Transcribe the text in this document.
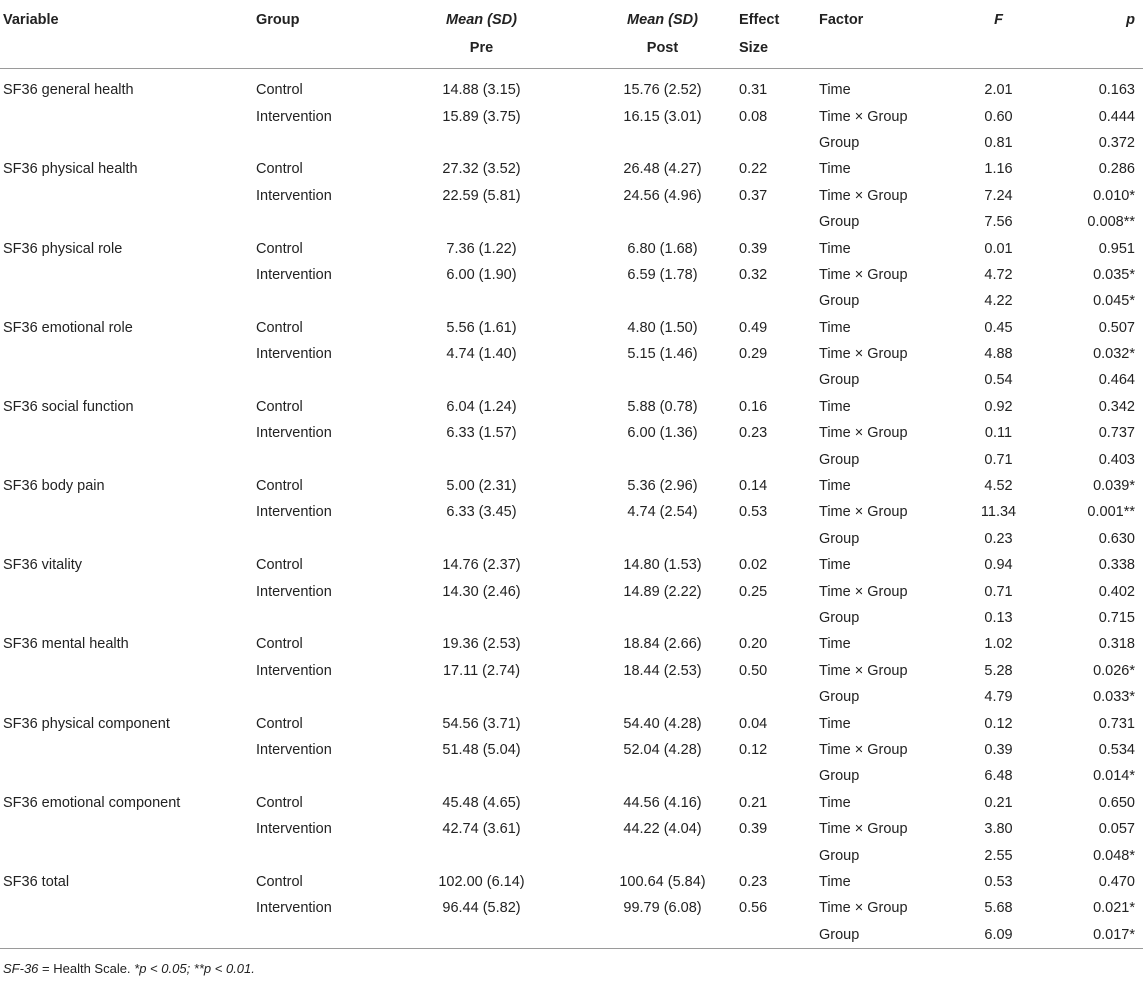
Variable	Group	Mean (SD)	Mean (SD)	Effect	Factor	F	p
		Pre	Post	Size			
SF36 general health	Control	14.88 (3.15)	15.76 (2.52)	0.31	Time	2.01	0.163
	Intervention	15.89 (3.75)	16.15 (3.01)	0.08	Time × Group	0.60	0.444
					Group	0.81	0.372
SF36 physical health	Control	27.32 (3.52)	26.48 (4.27)	0.22	Time	1.16	0.286
	Intervention	22.59 (5.81)	24.56 (4.96)	0.37	Time × Group	7.24	0.010*
					Group	7.56	0.008**
SF36 physical role	Control	7.36 (1.22)	6.80 (1.68)	0.39	Time	0.01	0.951
	Intervention	6.00 (1.90)	6.59 (1.78)	0.32	Time × Group	4.72	0.035*
					Group	4.22	0.045*
SF36 emotional role	Control	5.56 (1.61)	4.80 (1.50)	0.49	Time	0.45	0.507
	Intervention	4.74 (1.40)	5.15 (1.46)	0.29	Time × Group	4.88	0.032*
					Group	0.54	0.464
SF36 social function	Control	6.04 (1.24)	5.88 (0.78)	0.16	Time	0.92	0.342
	Intervention	6.33 (1.57)	6.00 (1.36)	0.23	Time × Group	0.11	0.737
					Group	0.71	0.403
SF36 body pain	Control	5.00 (2.31)	5.36 (2.96)	0.14	Time	4.52	0.039*
	Intervention	6.33 (3.45)	4.74 (2.54)	0.53	Time × Group	11.34	0.001**
					Group	0.23	0.630
SF36 vitality	Control	14.76 (2.37)	14.80 (1.53)	0.02	Time	0.94	0.338
	Intervention	14.30 (2.46)	14.89 (2.22)	0.25	Time × Group	0.71	0.402
					Group	0.13	0.715
SF36 mental health	Control	19.36 (2.53)	18.84 (2.66)	0.20	Time	1.02	0.318
	Intervention	17.11 (2.74)	18.44 (2.53)	0.50	Time × Group	5.28	0.026*
					Group	4.79	0.033*
SF36 physical component	Control	54.56 (3.71)	54.40 (4.28)	0.04	Time	0.12	0.731
	Intervention	51.48 (5.04)	52.04 (4.28)	0.12	Time × Group	0.39	0.534
					Group	6.48	0.014*
SF36 emotional component	Control	45.48 (4.65)	44.56 (4.16)	0.21	Time	0.21	0.650
	Intervention	42.74 (3.61)	44.22 (4.04)	0.39	Time × Group	3.80	0.057
					Group	2.55	0.048*
SF36 total	Control	102.00 (6.14)	100.64 (5.84)	0.23	Time	0.53	0.470
	Intervention	96.44 (5.82)	99.79 (6.08)	0.56	Time × Group	5.68	0.021*
					Group	6.09	0.017*
SF-36 = Health Scale. *p < 0.05; **p < 0.01.
